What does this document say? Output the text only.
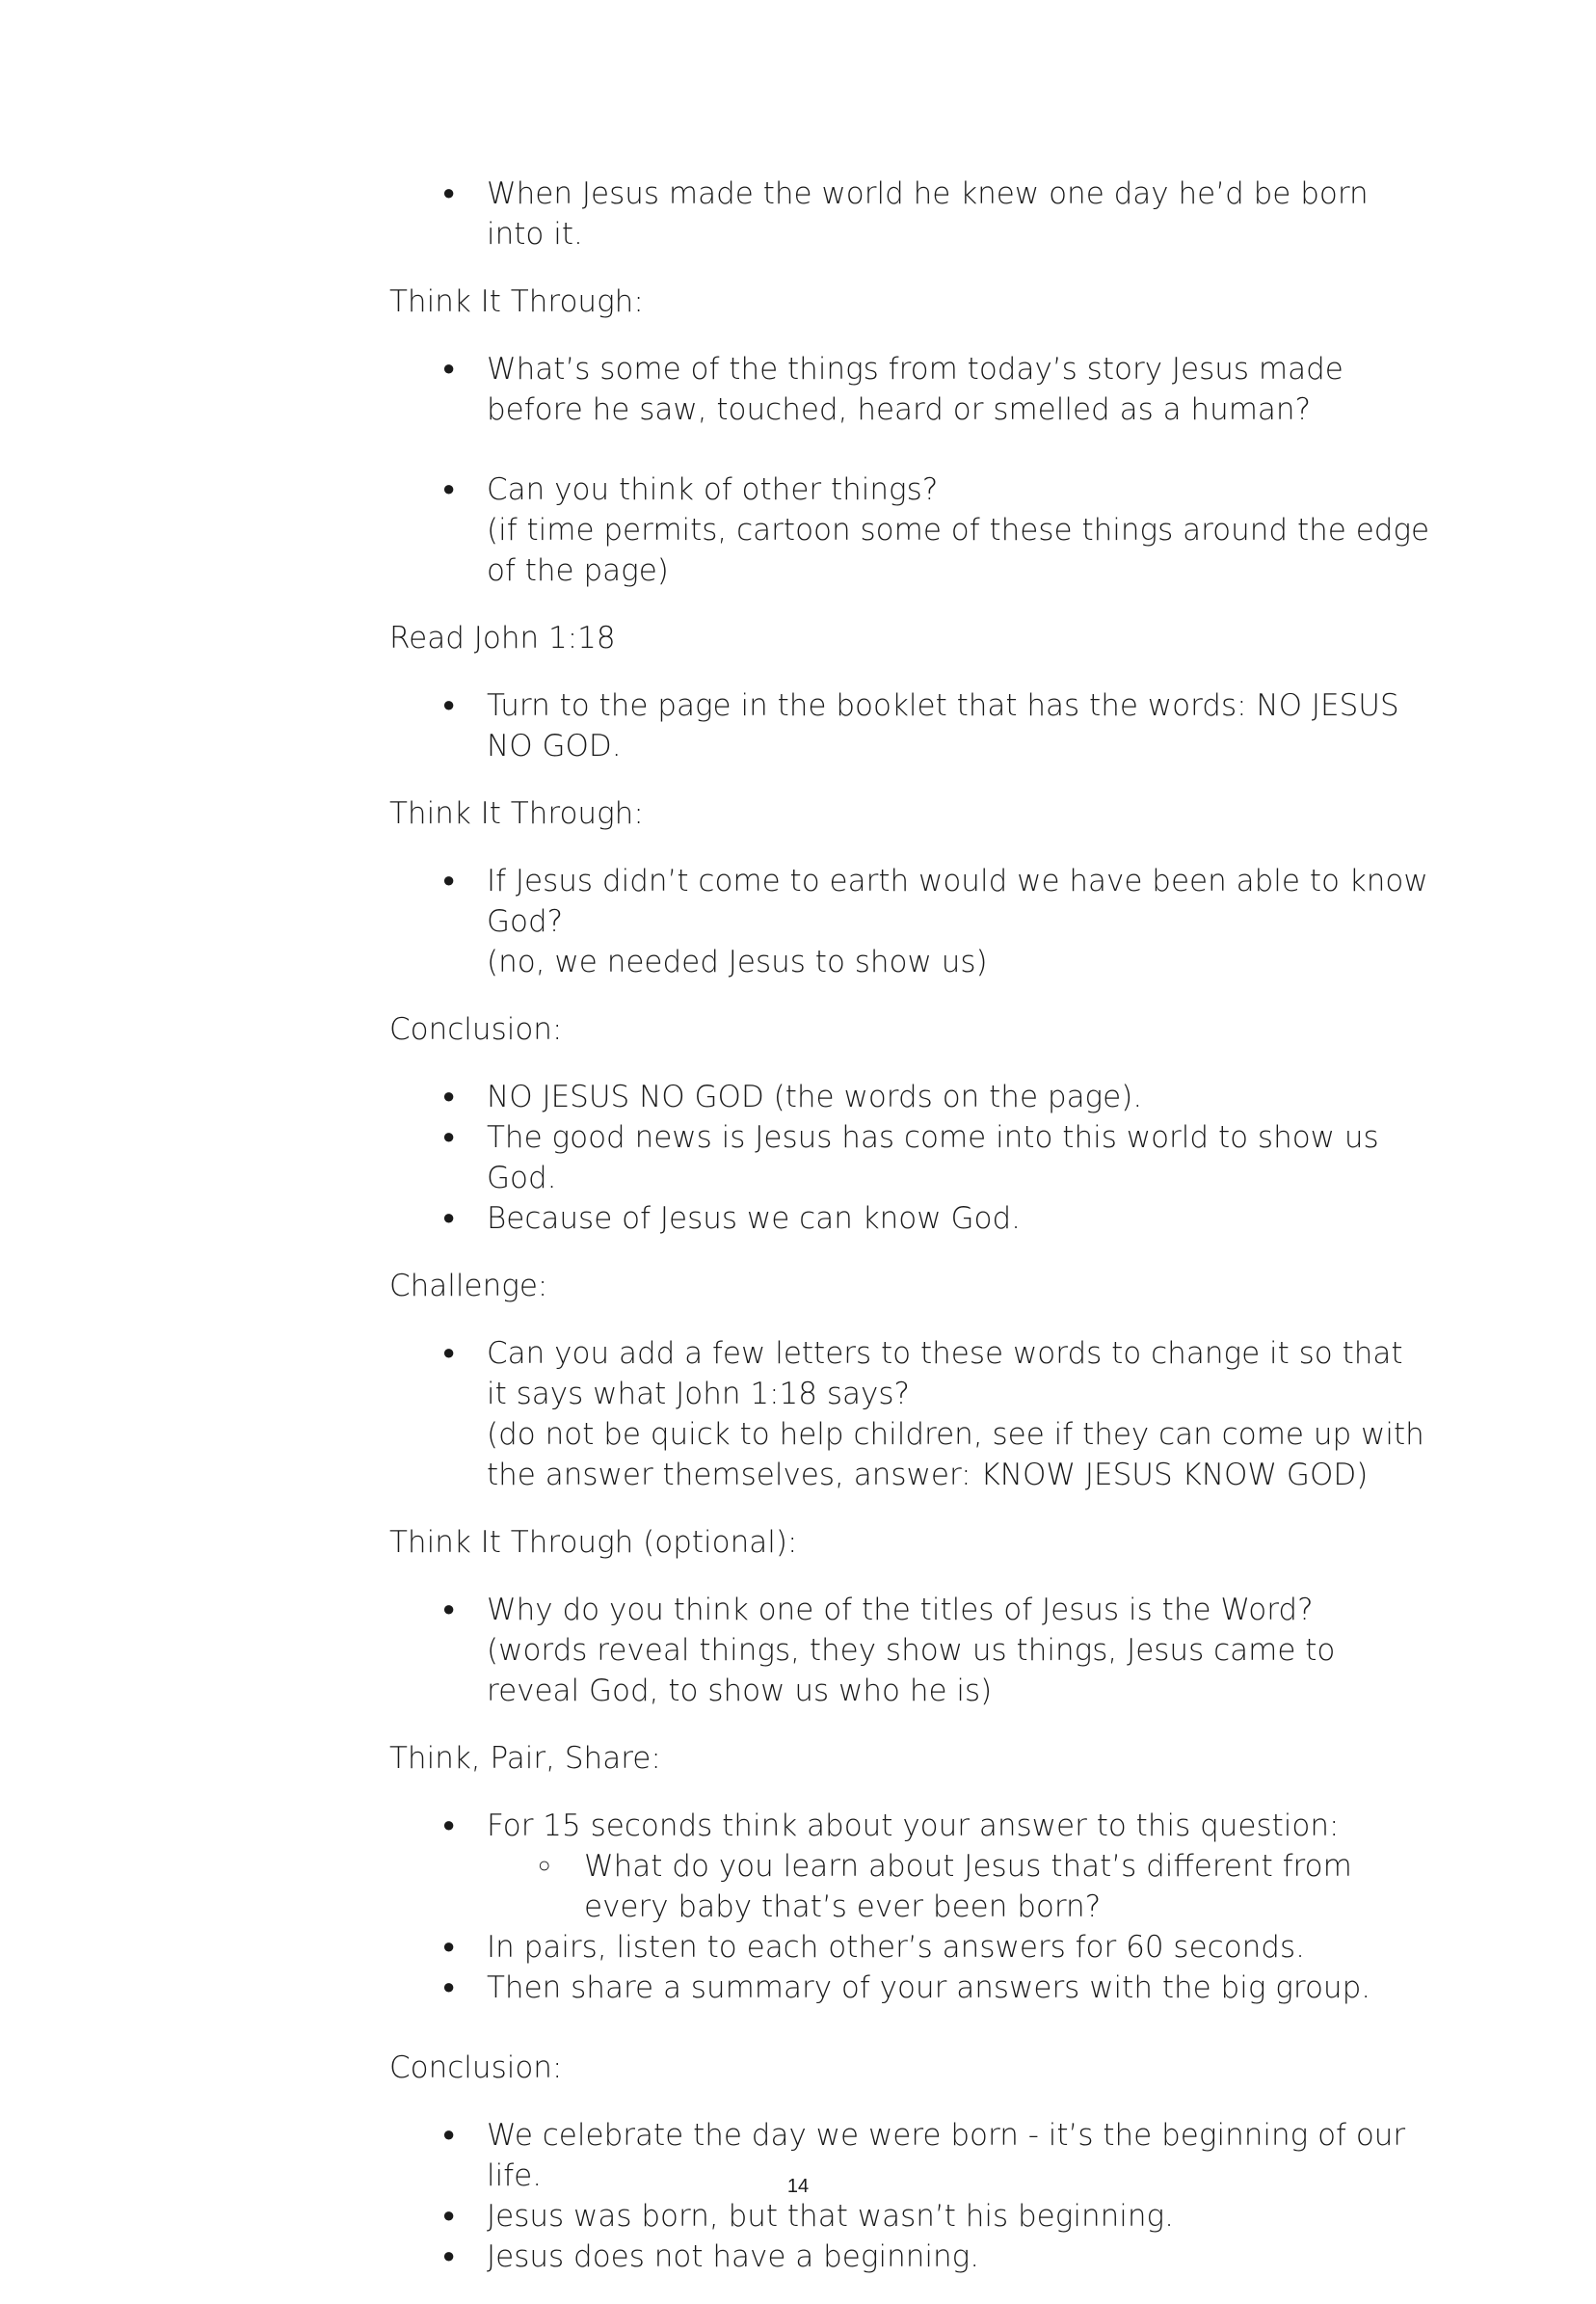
● When Jesus made the world he knew one day he’d be born into it.
Think It Through:
● What’s some of the things from today’s story Jesus made before he saw, touched, heard or smelled as a human?
● Can you think of other things?
(if time permits, cartoon some of these things around the edge of the page)
Read John 1:18
● Turn to the page in the booklet that has the words: NO JESUS NO GOD.
Think It Through:
● If Jesus didn’t come to earth would we have been able to know God?
(no, we needed Jesus to show us)
Conclusion:
● NO JESUS NO GOD (the words on the page).
● The good news is Jesus has come into this world to show us God.
● Because of Jesus we can know God.
Challenge:
● Can you add a few letters to these words to change it so that it says what John 1:18 says?
(do not be quick to help children, see if they can come up with the answer themselves, answer: KNOW JESUS KNOW GOD)
Think It Through (optional):
● Why do you think one of the titles of Jesus is the Word?
(words reveal things, they show us things, Jesus came to reveal God, to show us who he is)
Think, Pair, Share:
● For 15 seconds think about your answer to this question:
○ What do you learn about Jesus that’s different from every baby that’s ever been born?
● In pairs, listen to each other’s answers for 60 seconds.
● Then share a summary of your answers with the big group.
Conclusion:
● We celebrate the day we were born - it’s the beginning of our life.
● Jesus was born, but that wasn’t his beginning.
● Jesus does not have a beginning.
14
